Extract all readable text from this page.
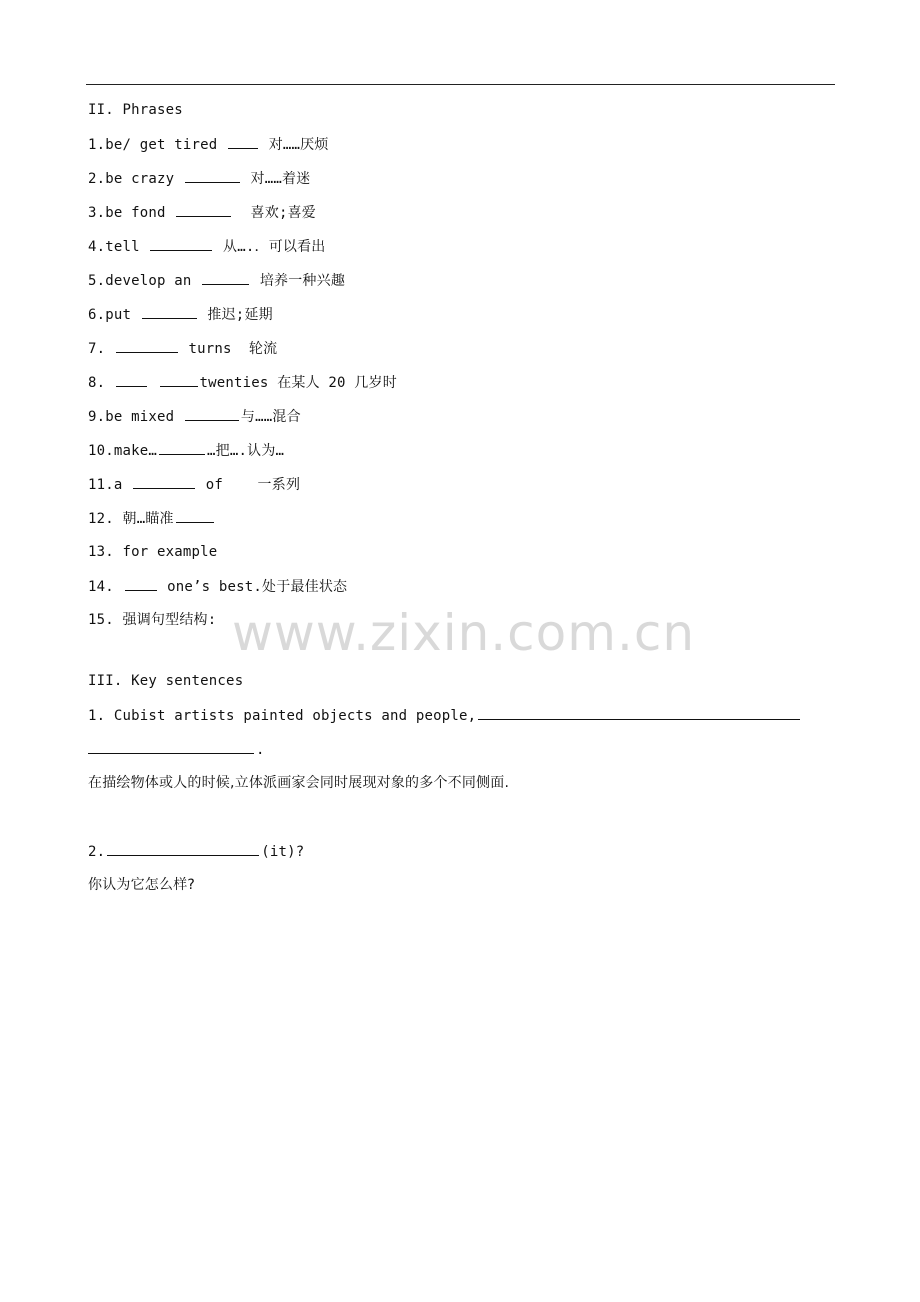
II. Phrases
1.be/ get tired  对……厌烦
2.be crazy	对……着迷
3.be fond	喜欢;喜爱
4.tell	从….．可以看出
5.develop an	培养一种兴趣
6.put	推迟;延期
7.	turns  轮流
8.	twenties 在某人 20 几岁时
9.be mixed	与……混合
10.make…	…把….认为…
11.a	of    一系列
12. 朝…瞄准
13. for example
14.	one’s best.处于最佳状态
15. 强调句型结构: www.zixin.com.cn
III. Key sentences
1. Cubist artists painted objects and people,
.
在描绘物体或人的时候,立体派画家会同时展现对象的多个不同侧面.
2.	(it)?
你认为它怎么样?
